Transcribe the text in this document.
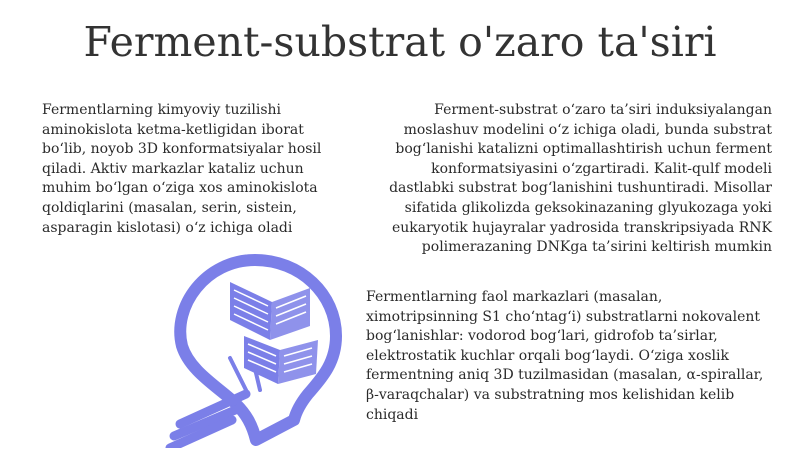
Ferment-substrat o'zaro ta'siri

Fermentlarning kimyoviy tuzilishi aminokislota ketma-ketligidan iborat bo‘lib, noyob 3D konformatsiyalar hosil qiladi. Aktiv markazlar kataliz uchun muhim bo‘lgan o‘ziga xos aminokislota qoldiqlarini (masalan, serin, sistein, asparagin kislotasi) o‘z ichiga oladi

Ferment-substrat o‘zaro ta’siri induksiyalangan moslashuv modelini o‘z ichiga oladi, bunda substrat bog‘lanishi katalizni optimallashtirish uchun ferment konformatsiyasini o‘zgartiradi. Kalit-qulf modeli dastlabki substrat bog‘lanishini tushuntiradi. Misollar sifatida glikolizda geksokinazaning glyukozaga yoki eukaryotik hujayralar yadrosida transkripsiyada RNK polimerazaning DNKga ta’sirini keltirish mumkin

Fermentlarning faol markazlari (masalan, ximotripsinning S1 cho‘ntag‘i) substratlarni nokovalent bog‘lanishlar: vodorod bog‘lari, gidrofob ta’sirlar, elektrostatik kuchlar orqali bog‘laydi. O‘ziga xoslik fermentning aniq 3D tuzilmasidan (masalan, α-spirallar, β-varaqchalar) va substratning mos kelishidan kelib chiqadi
